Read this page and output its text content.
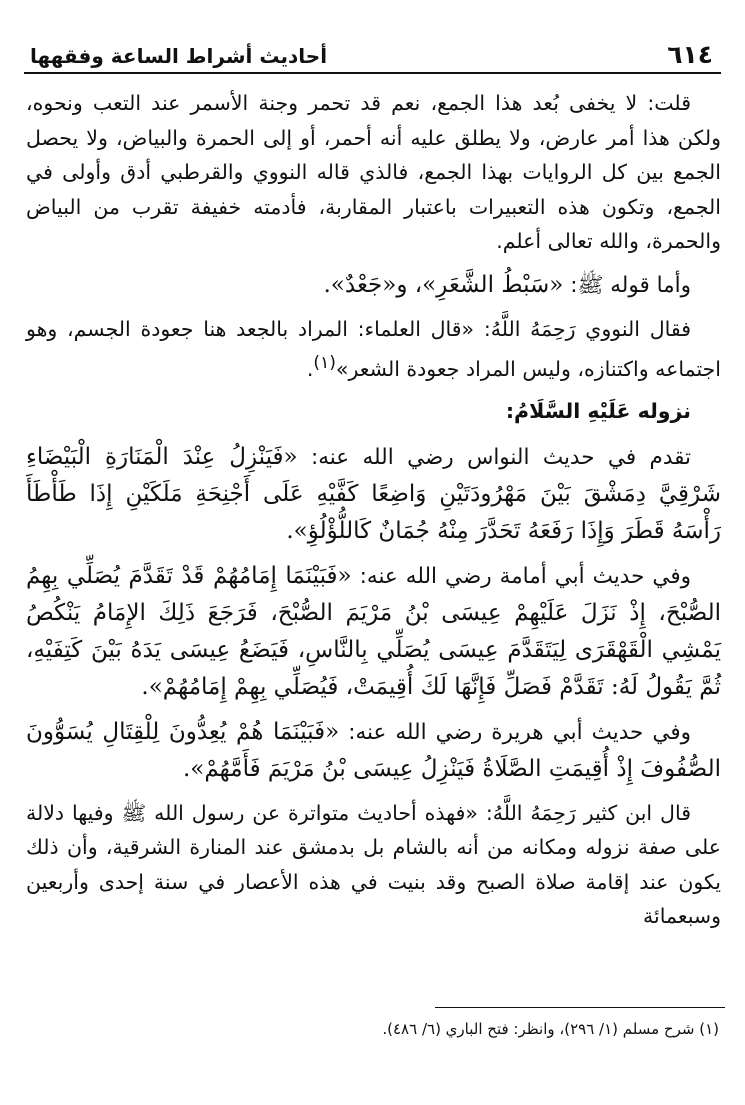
٦١٤
أحاديث أشراط الساعة وفقهها

قلت: لا يخفى بُعد هذا الجمع، نعم قد تحمر وجنة الأسمر عند التعب ونحوه، ولكن هذا أمر عارض، ولا يطلق عليه أنه أحمر، أو إلى الحمرة والبياض، ولا يحصل الجمع بين كل الروايات بهذا الجمع، فالذي قاله النووي والقرطبي أدق وأولى في الجمع، وتكون هذه التعبيرات باعتبار المقاربة، فأدمته خفيفة تقرب من البياض والحمرة، والله تعالى أعلم.

وأما قوله ﷺ: «سَبْطُ الشَّعَرِ»، و«جَعْدٌ».

فقال النووي رَحِمَهُ اللَّهُ: «قال العلماء: المراد بالجعد هنا جعودة الجسم، وهو اجتماعه واكتنازه، وليس المراد جعودة الشعر»$^{(١)}$.

نزوله عَلَيْهِ السَّلَامُ:

تقدم في حديث النواس رضي الله عنه: «فَيَنْزِلُ عِنْدَ الْمَنَارَةِ الْبَيْضَاءِ شَرْقِيَّ دِمَشْقَ بَيْنَ مَهْرُودَتَيْنِ وَاضِعًا كَفَّيْهِ عَلَى أَجْنِحَةِ مَلَكَيْنِ إِذَا طَأْطَأَ رَأْسَهُ قَطَرَ وَإِذَا رَفَعَهُ تَحَدَّرَ مِنْهُ جُمَانٌ كَاللُّؤْلُؤِ».

وفي حديث أبي أمامة رضي الله عنه: «فَبَيْنَمَا إِمَامُهُمْ قَدْ تَقَدَّمَ يُصَلِّي بِهِمُ الصُّبْحَ، إِذْ نَزَلَ عَلَيْهِمْ عِيسَى بْنُ مَرْيَمَ الصُّبْحَ، فَرَجَعَ ذَلِكَ الإِمَامُ يَنْكُصُ يَمْشِي الْقَهْقَرَى لِيَتَقَدَّمَ عِيسَى يُصَلِّي بِالنَّاسِ، فَيَضَعُ عِيسَى يَدَهُ بَيْنَ كَتِفَيْهِ، ثُمَّ يَقُولُ لَهُ: تَقَدَّمْ فَصَلِّ فَإِنَّهَا لَكَ أُقِيمَتْ، فَيُصَلِّي بِهِمْ إِمَامُهُمْ».

وفي حديث أبي هريرة رضي الله عنه: «فَبَيْنَمَا هُمْ يُعِدُّونَ لِلْقِتَالِ يُسَوُّونَ الصُّفُوفَ إِذْ أُقِيمَتِ الصَّلَاةُ فَيَنْزِلُ عِيسَى بْنُ مَرْيَمَ فَأَمَّهُمْ».

قال ابن كثير رَحِمَهُ اللَّهُ: «فهذه أحاديث متواترة عن رسول الله ﷺ وفيها دلالة على صفة نزوله ومكانه من أنه بالشام بل بدمشق عند المنارة الشرقية، وأن ذلك يكون عند إقامة صلاة الصبح وقد بنيت في هذه الأعصار في سنة إحدى وأربعين وسبعمائة

(١) شرح مسلم (١/ ٢٩٦)، وانظر: فتح الباري (٦/ ٤٨٦).
